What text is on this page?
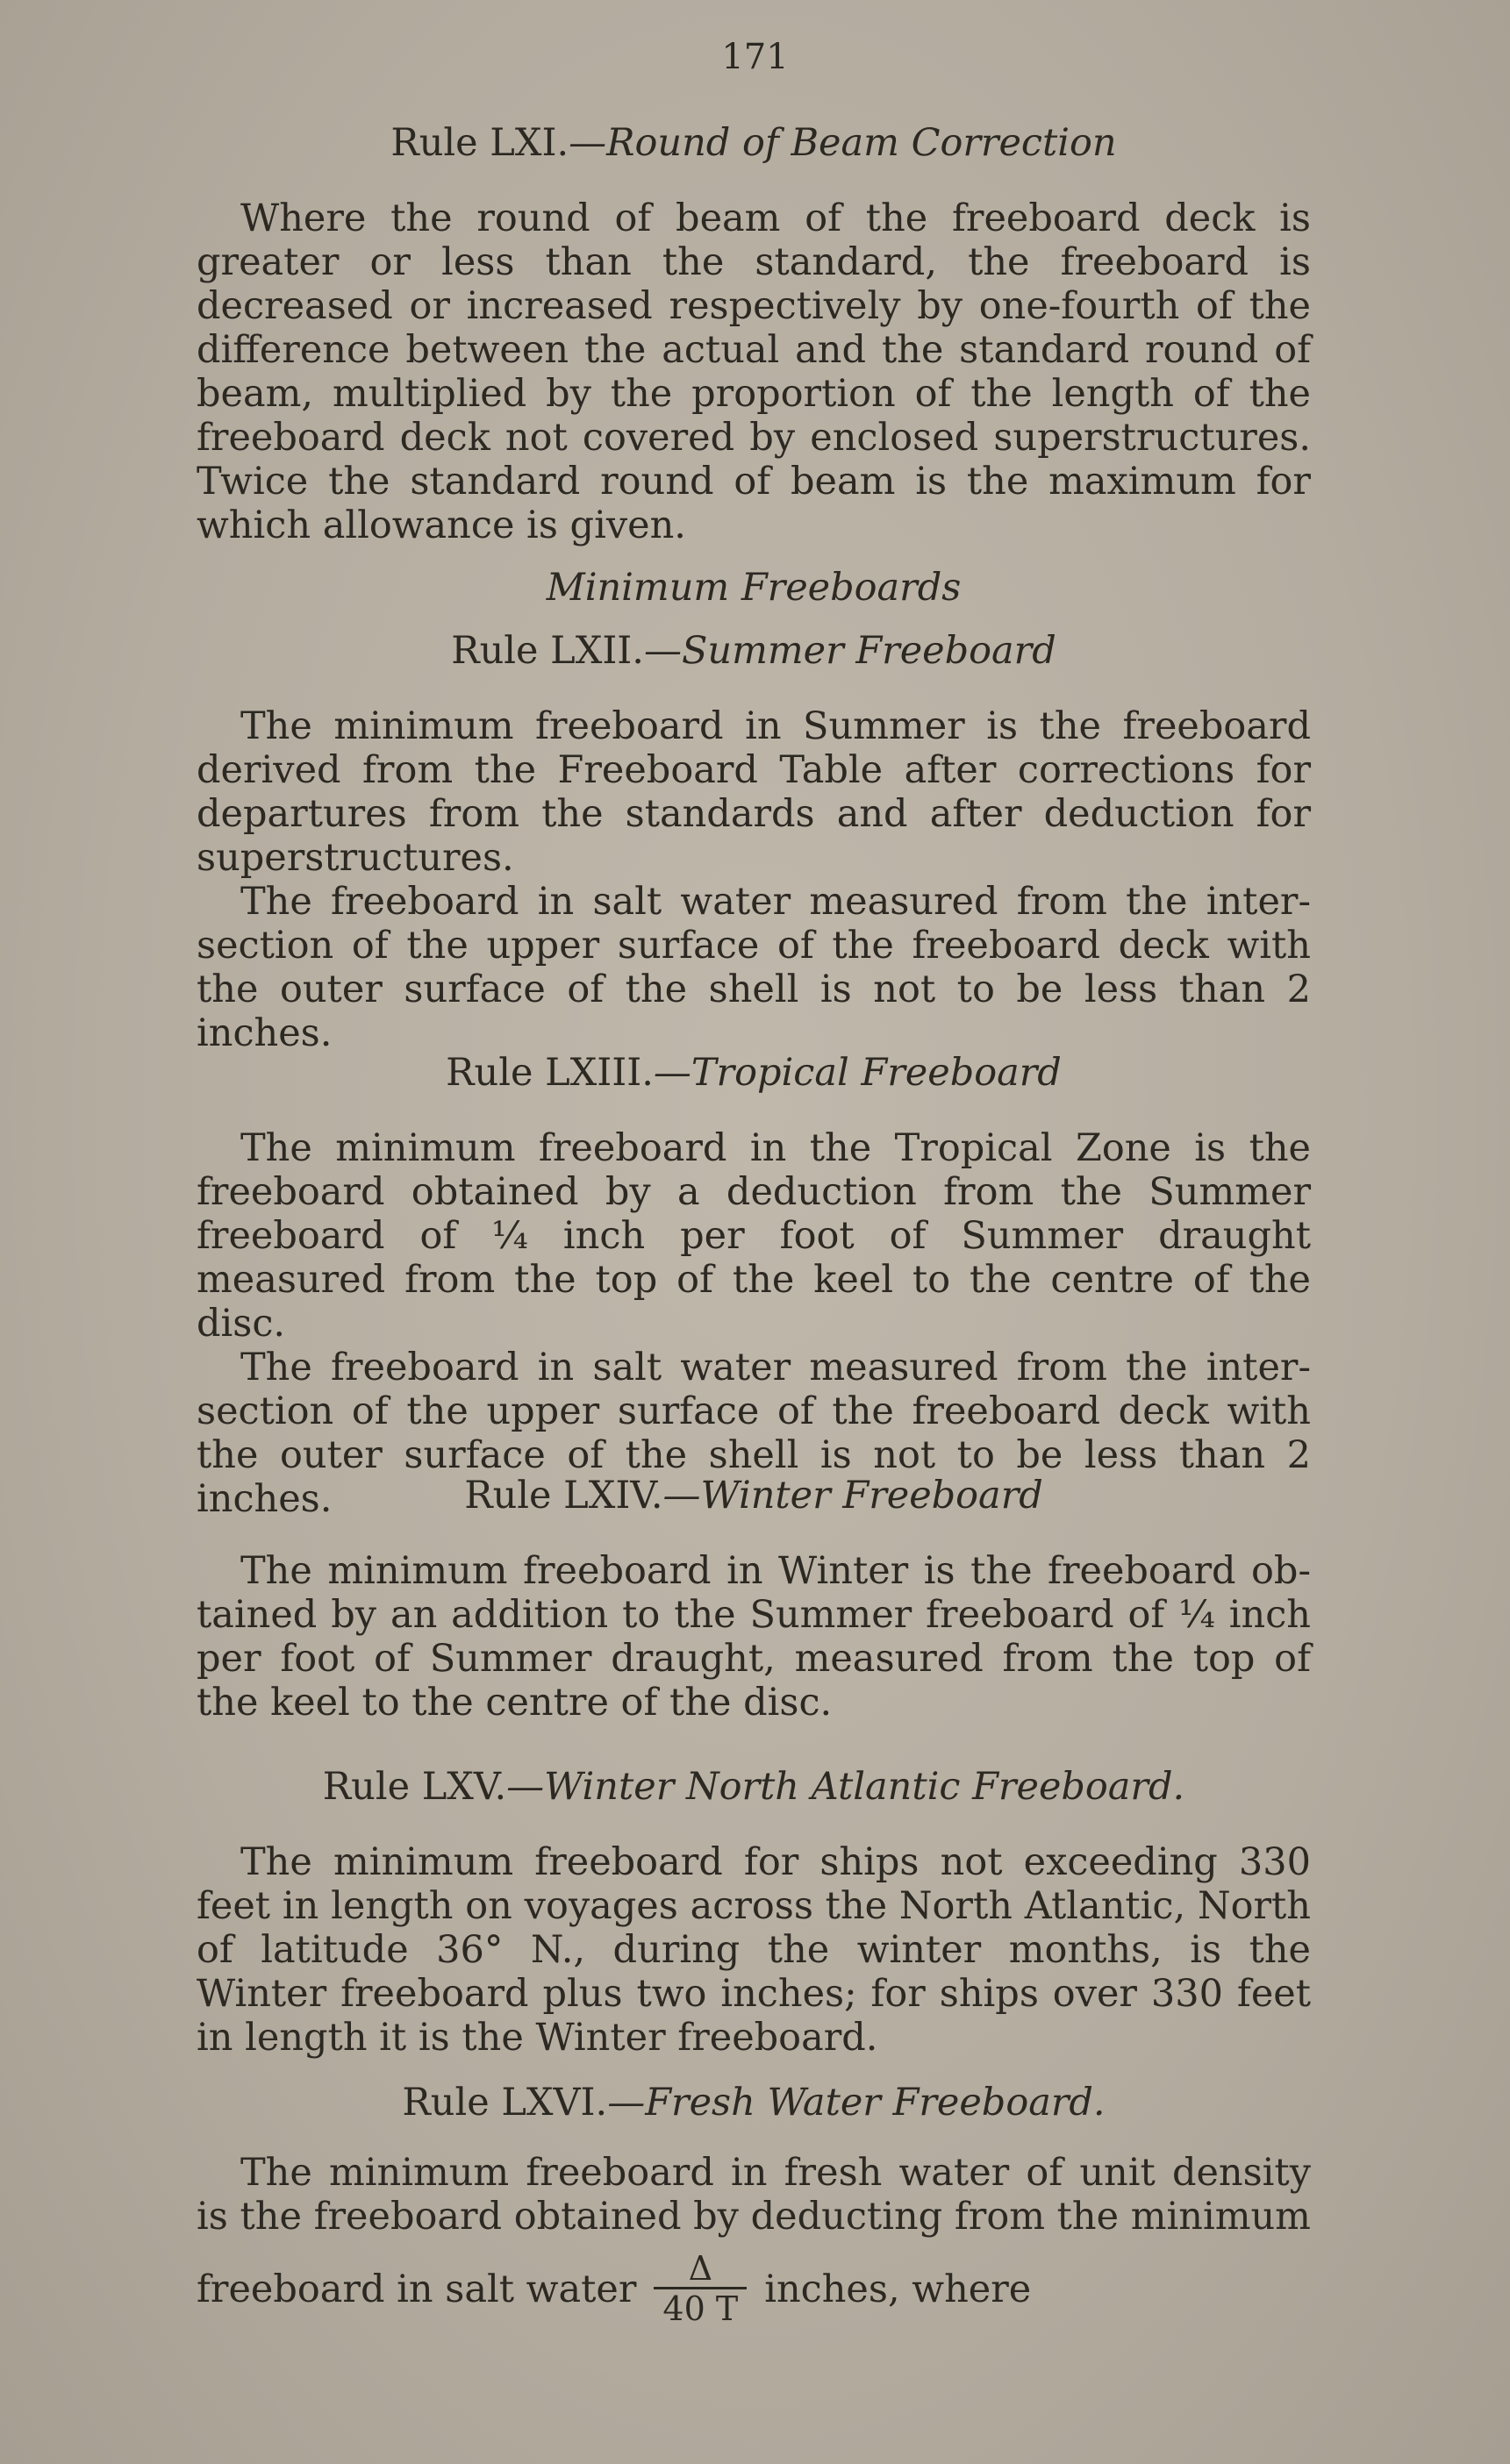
171
Rule LXI.—Round of Beam Correction

Where the round of beam of the freeboard deck is greater or less than the standard, the freeboard is decreased or increased respectively by one-fourth of the difference between the actual and the standard round of beam, multiplied by the proportion of the length of the freeboard deck not covered by enclosed superstructures. Twice the standard round of beam is the maximum for which allowance is given.

Minimum Freeboards
Rule LXII.—Summer Freeboard

The minimum freeboard in Summer is the freeboard derived from the Freeboard Table after corrections for departures from the standards and after deduction for superstructures.

The freeboard in salt water measured from the intersection of the upper surface of the freeboard deck with the outer surface of the shell is not to be less than 2 inches.

Rule LXIII.—Tropical Freeboard

The minimum freeboard in the Tropical Zone is the freeboard obtained by a deduction from the Summer freeboard of ¼ inch per foot of Summer draught measured from the top of the keel to the centre of the disc.

The freeboard in salt water measured from the intersection of the upper surface of the freeboard deck with the outer surface of the shell is not to be less than 2 inches.	Rule LXIV.—Winter Freeboard

The minimum freeboard in Winter is the freeboard obtained by an addition to the Summer freeboard of ¼ inch per foot of Summer draught, measured from the top of the keel to the centre of the disc.

Rule LXV.—Winter North Atlantic Freeboard.

The minimum freeboard for ships not exceeding 330 feet in length on voyages across the North Atlantic, North of latitude 36° N., during the winter months, is the Winter freeboard plus two inches; for ships over 330 feet in length it is the Winter freeboard.

Rule LXVI.—Fresh Water Freeboard.

The minimum freeboard in fresh water of unit density is the freeboard obtained by deducting from the minimum

freeboard in salt water $\frac{\Delta}{40 T}$ inches, where
